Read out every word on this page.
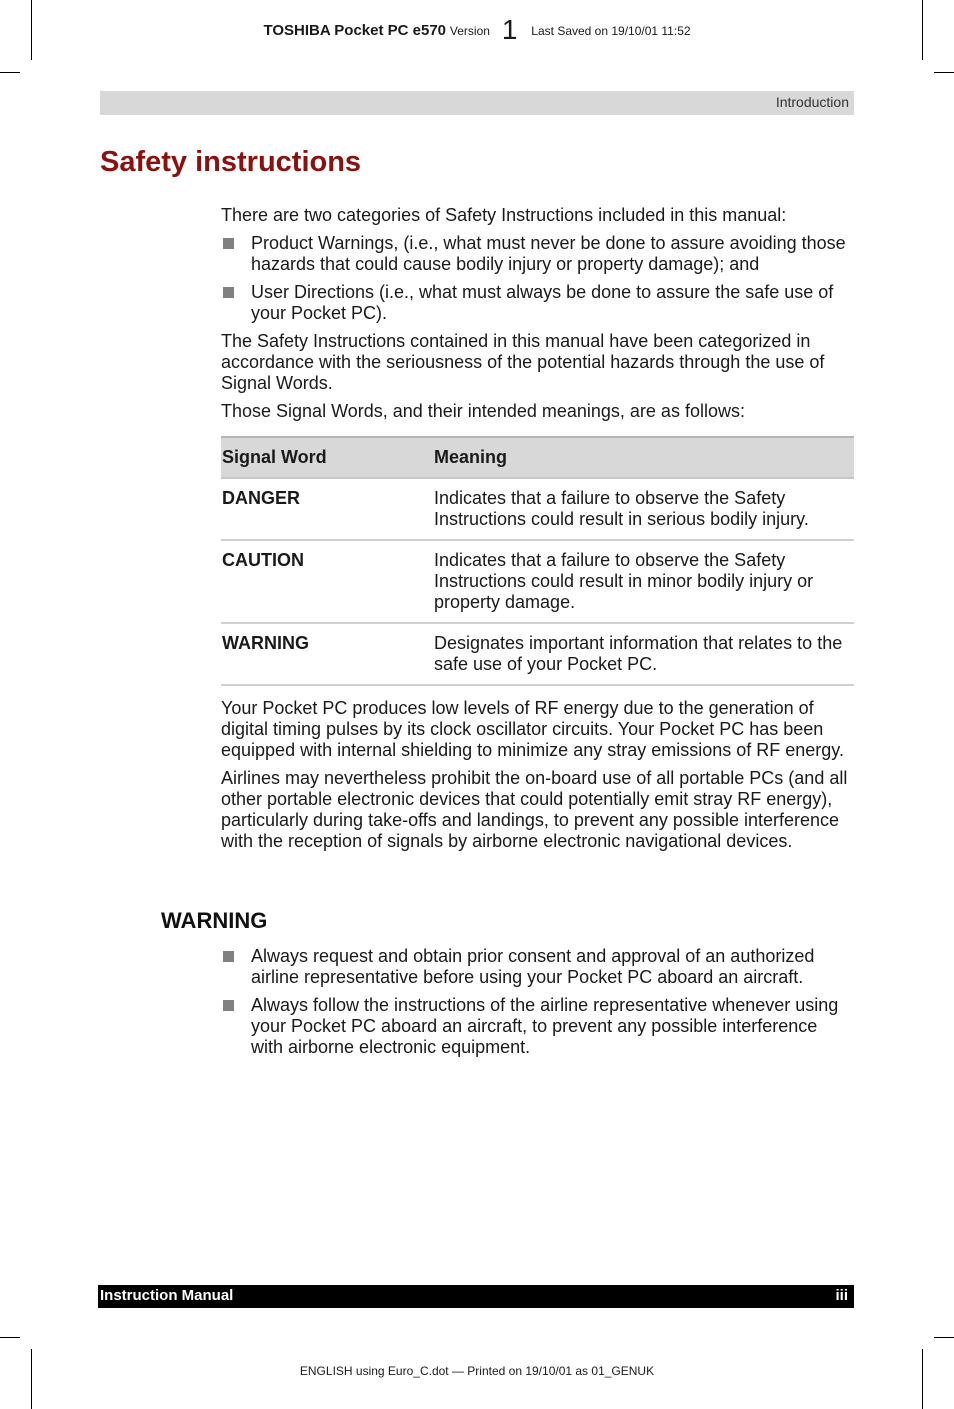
TOSHIBA Pocket PC e570 Version 1 Last Saved on 19/10/01 11:52
Introduction
Safety instructions

There are two categories of Safety Instructions included in this manual:

Product Warnings, (i.e., what must never be done to assure avoiding those hazards that could cause bodily injury or property damage); and
User Directions (i.e., what must always be done to assure the safe use of your Pocket PC).

The Safety Instructions contained in this manual have been categorized in accordance with the seriousness of the potential hazards through the use of Signal Words.

Those Signal Words, and their intended meanings, are as follows:

Signal Word	Meaning
DANGER	Indicates that a failure to observe the Safety Instructions could result in serious bodily injury.
CAUTION	Indicates that a failure to observe the Safety Instructions could result in minor bodily injury or property damage.
WARNING	Designates important information that relates to the safe use of your Pocket PC.

Your Pocket PC produces low levels of RF energy due to the generation of digital timing pulses by its clock oscillator circuits. Your Pocket PC has been equipped with internal shielding to minimize any stray emissions of RF energy.

Airlines may nevertheless prohibit the on-board use of all portable PCs (and all other portable electronic devices that could potentially emit stray RF energy), particularly during take-offs and landings, to prevent any possible interference with the reception of signals by airborne electronic navigational devices.

WARNING
Always request and obtain prior consent and approval of an authorized airline representative before using your Pocket PC aboard an aircraft.
Always follow the instructions of the airline representative whenever using your Pocket PC aboard an aircraft, to prevent any possible interference with airborne electronic equipment.
Instruction Manual	iii
ENGLISH using Euro_C.dot — Printed on 19/10/01 as 01_GENUK
